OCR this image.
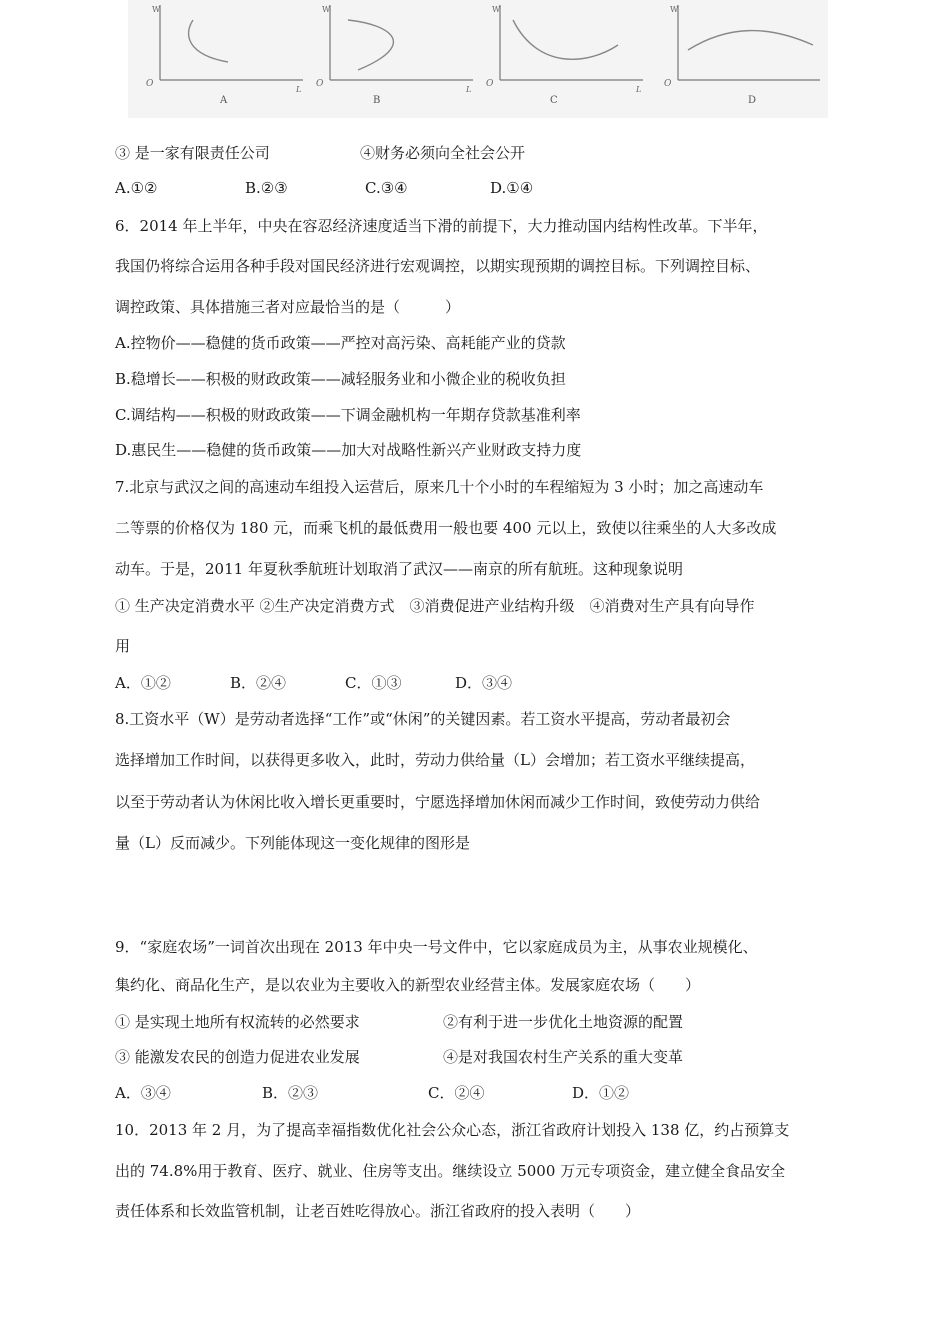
W
O
L
A
W
O
L
B
W
O
L
C
W
O
D
③ 是一家有限责任公司	④财务必须向全社会公开
A.①②	B.②③	C.③④	D.①④
6．2014 年上半年，中央在容忍经济速度适当下滑的前提下，大力推动国内结构性改革。下半年，
我国仍将综合运用各种手段对国民经济进行宏观调控，以期实现预期的调控目标。下列调控目标、
调控政策、具体措施三者对应最恰当的是（　　　）
A.控物价——稳健的货币政策——严控对高污染、高耗能产业的贷款
B.稳增长——积极的财政政策——减轻服务业和小微企业的税收负担
C.调结构——积极的财政政策——下调金融机构一年期存贷款基准利率
D.惠民生——稳健的货币政策——加大对战略性新兴产业财政支持力度
7.北京与武汉之间的高速动车组投入运营后，原来几十个小时的车程缩短为 3 小时；加之高速动车
二等票的价格仅为 180 元，而乘飞机的最低费用一般也要 400 元以上，致使以往乘坐的人大多改成
动车。于是，2011 年夏秋季航班计划取消了武汉——南京的所有航班。这种现象说明
① 生产决定消费水平 ②生产决定消费方式　③消费促进产业结构升级　④消费对生产具有向导作
用
A．①②	B．②④	C．①③	D．③④
8.工资水平（W）是劳动者选择“工作”或“休闲”的关键因素。若工资水平提高，劳动者最初会
选择增加工作时间，以获得更多收入，此时，劳动力供给量（L）会增加；若工资水平继续提高，
以至于劳动者认为休闲比收入增长更重要时，宁愿选择增加休闲而减少工作时间，致使劳动力供给
量（L）反而减少。下列能体现这一变化规律的图形是
9．“家庭农场”一词首次出现在 2013 年中央一号文件中，它以家庭成员为主，从事农业规模化、
集约化、商品化生产，是以农业为主要收入的新型农业经营主体。发展家庭农场（　　）
① 是实现土地所有权流转的必然要求	②有利于进一步优化土地资源的配置
③ 能激发农民的创造力促进农业发展	④是对我国农村生产关系的重大变革
A．③④	B．②③	C．②④	D．①②
10．2013 年 2 月，为了提高幸福指数优化社会公众心态，浙江省政府计划投入 138 亿，约占预算支
出的 74.8%用于教育、医疗、就业、住房等支出。继续设立 5000 万元专项资金，建立健全食品安全
责任体系和长效监管机制，让老百姓吃得放心。浙江省政府的投入表明（　　）
